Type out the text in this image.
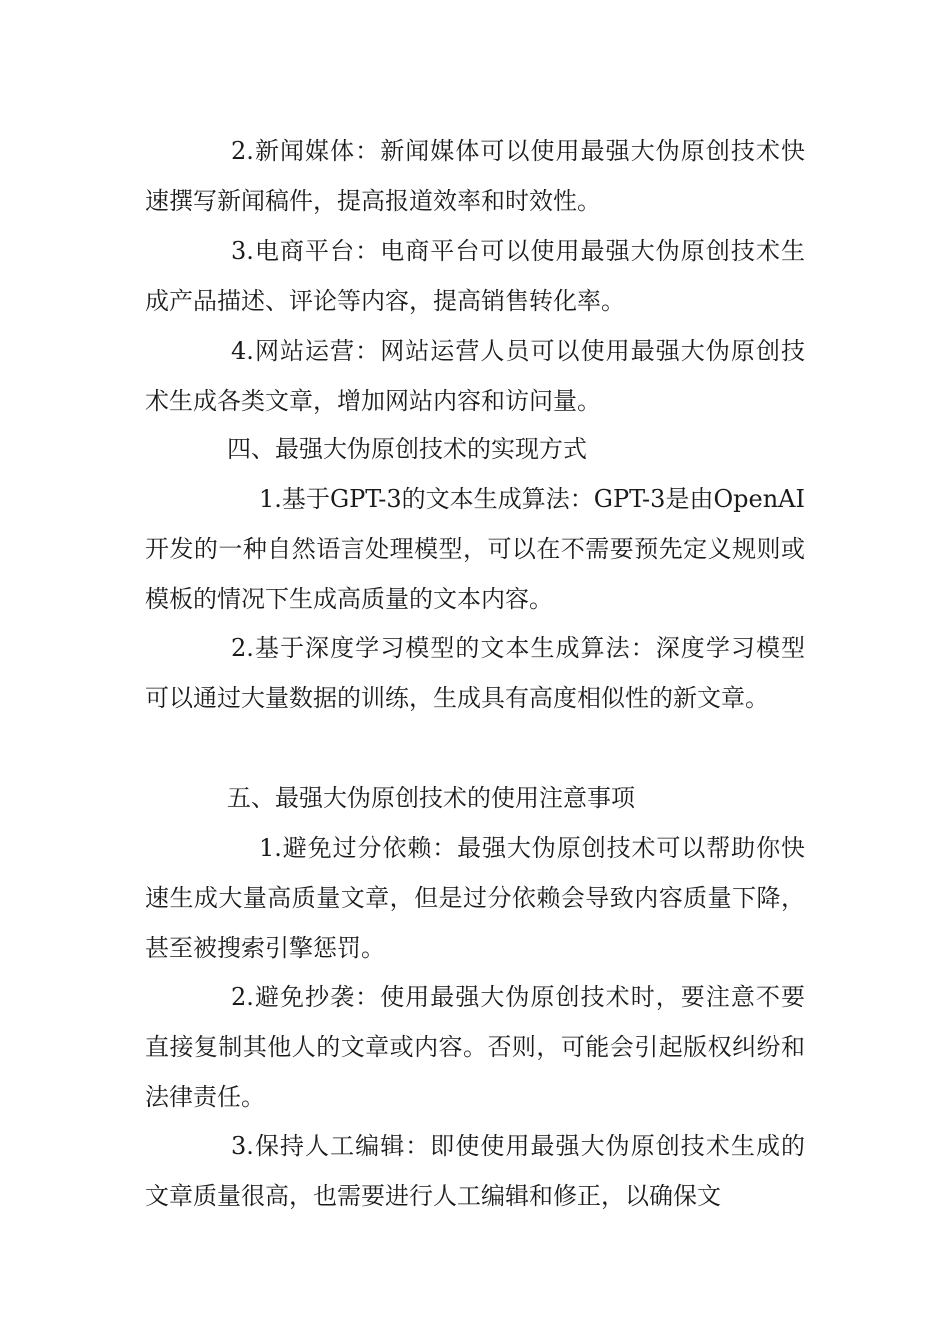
2.新闻媒体：新闻媒体可以使用最强大伪原创技术快速撰写新闻稿件，提高报道效率和时效性。

3.电商平台：电商平台可以使用最强大伪原创技术生成产品描述、评论等内容，提高销售转化率。

4.网站运营：网站运营人员可以使用最强大伪原创技术生成各类文章，增加网站内容和访问量。

四、最强大伪原创技术的实现方式

1.基于GPT-3的文本生成算法：GPT-3是由OpenAI开发的一种自然语言处理模型，可以在不需要预先定义规则或模板的情况下生成高质量的文本内容。

2.基于深度学习模型的文本生成算法：深度学习模型可以通过大量数据的训练，生成具有高度相似性的新文章。

五、最强大伪原创技术的使用注意事项

1.避免过分依赖：最强大伪原创技术可以帮助你快速生成大量高质量文章，但是过分依赖会导致内容质量下降，甚至被搜索引擎惩罚。

2.避免抄袭：使用最强大伪原创技术时，要注意不要直接复制其他人的文章或内容。否则，可能会引起版权纠纷和法律责任。

3.保持人工编辑：即使使用最强大伪原创技术生成的文章质量很高，也需要进行人工编辑和修正，以确保文
